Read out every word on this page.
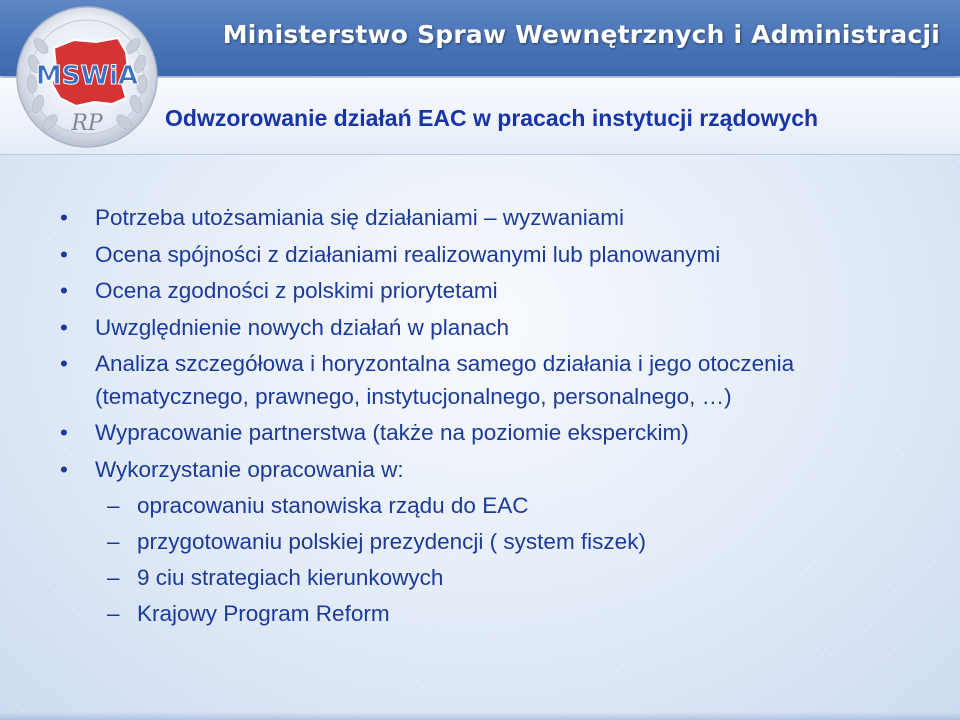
Ministerstwo Spraw Wewnętrznych i Administracji
MSWiA
RP	Odwzorowanie działań EAC w pracach instytucji rządowych
• Potrzeba utożsamiania się działaniami – wyzwaniami
• Ocena spójności z działaniami realizowanymi lub planowanymi
• Ocena zgodności z polskimi priorytetami
• Uwzględnienie nowych działań w planach
• Analiza szczegółowa i horyzontalna samego działania i jego otoczenia (tematycznego, prawnego, instytucjonalnego, personalnego, …)
• Wypracowanie partnerstwa (także na poziomie eksperckim)
• Wykorzystanie opracowania w:
– opracowaniu stanowiska rządu do EAC
– przygotowaniu polskiej prezydencji ( system fiszek)
– 9 ciu strategiach kierunkowych
– Krajowy Program Reform
